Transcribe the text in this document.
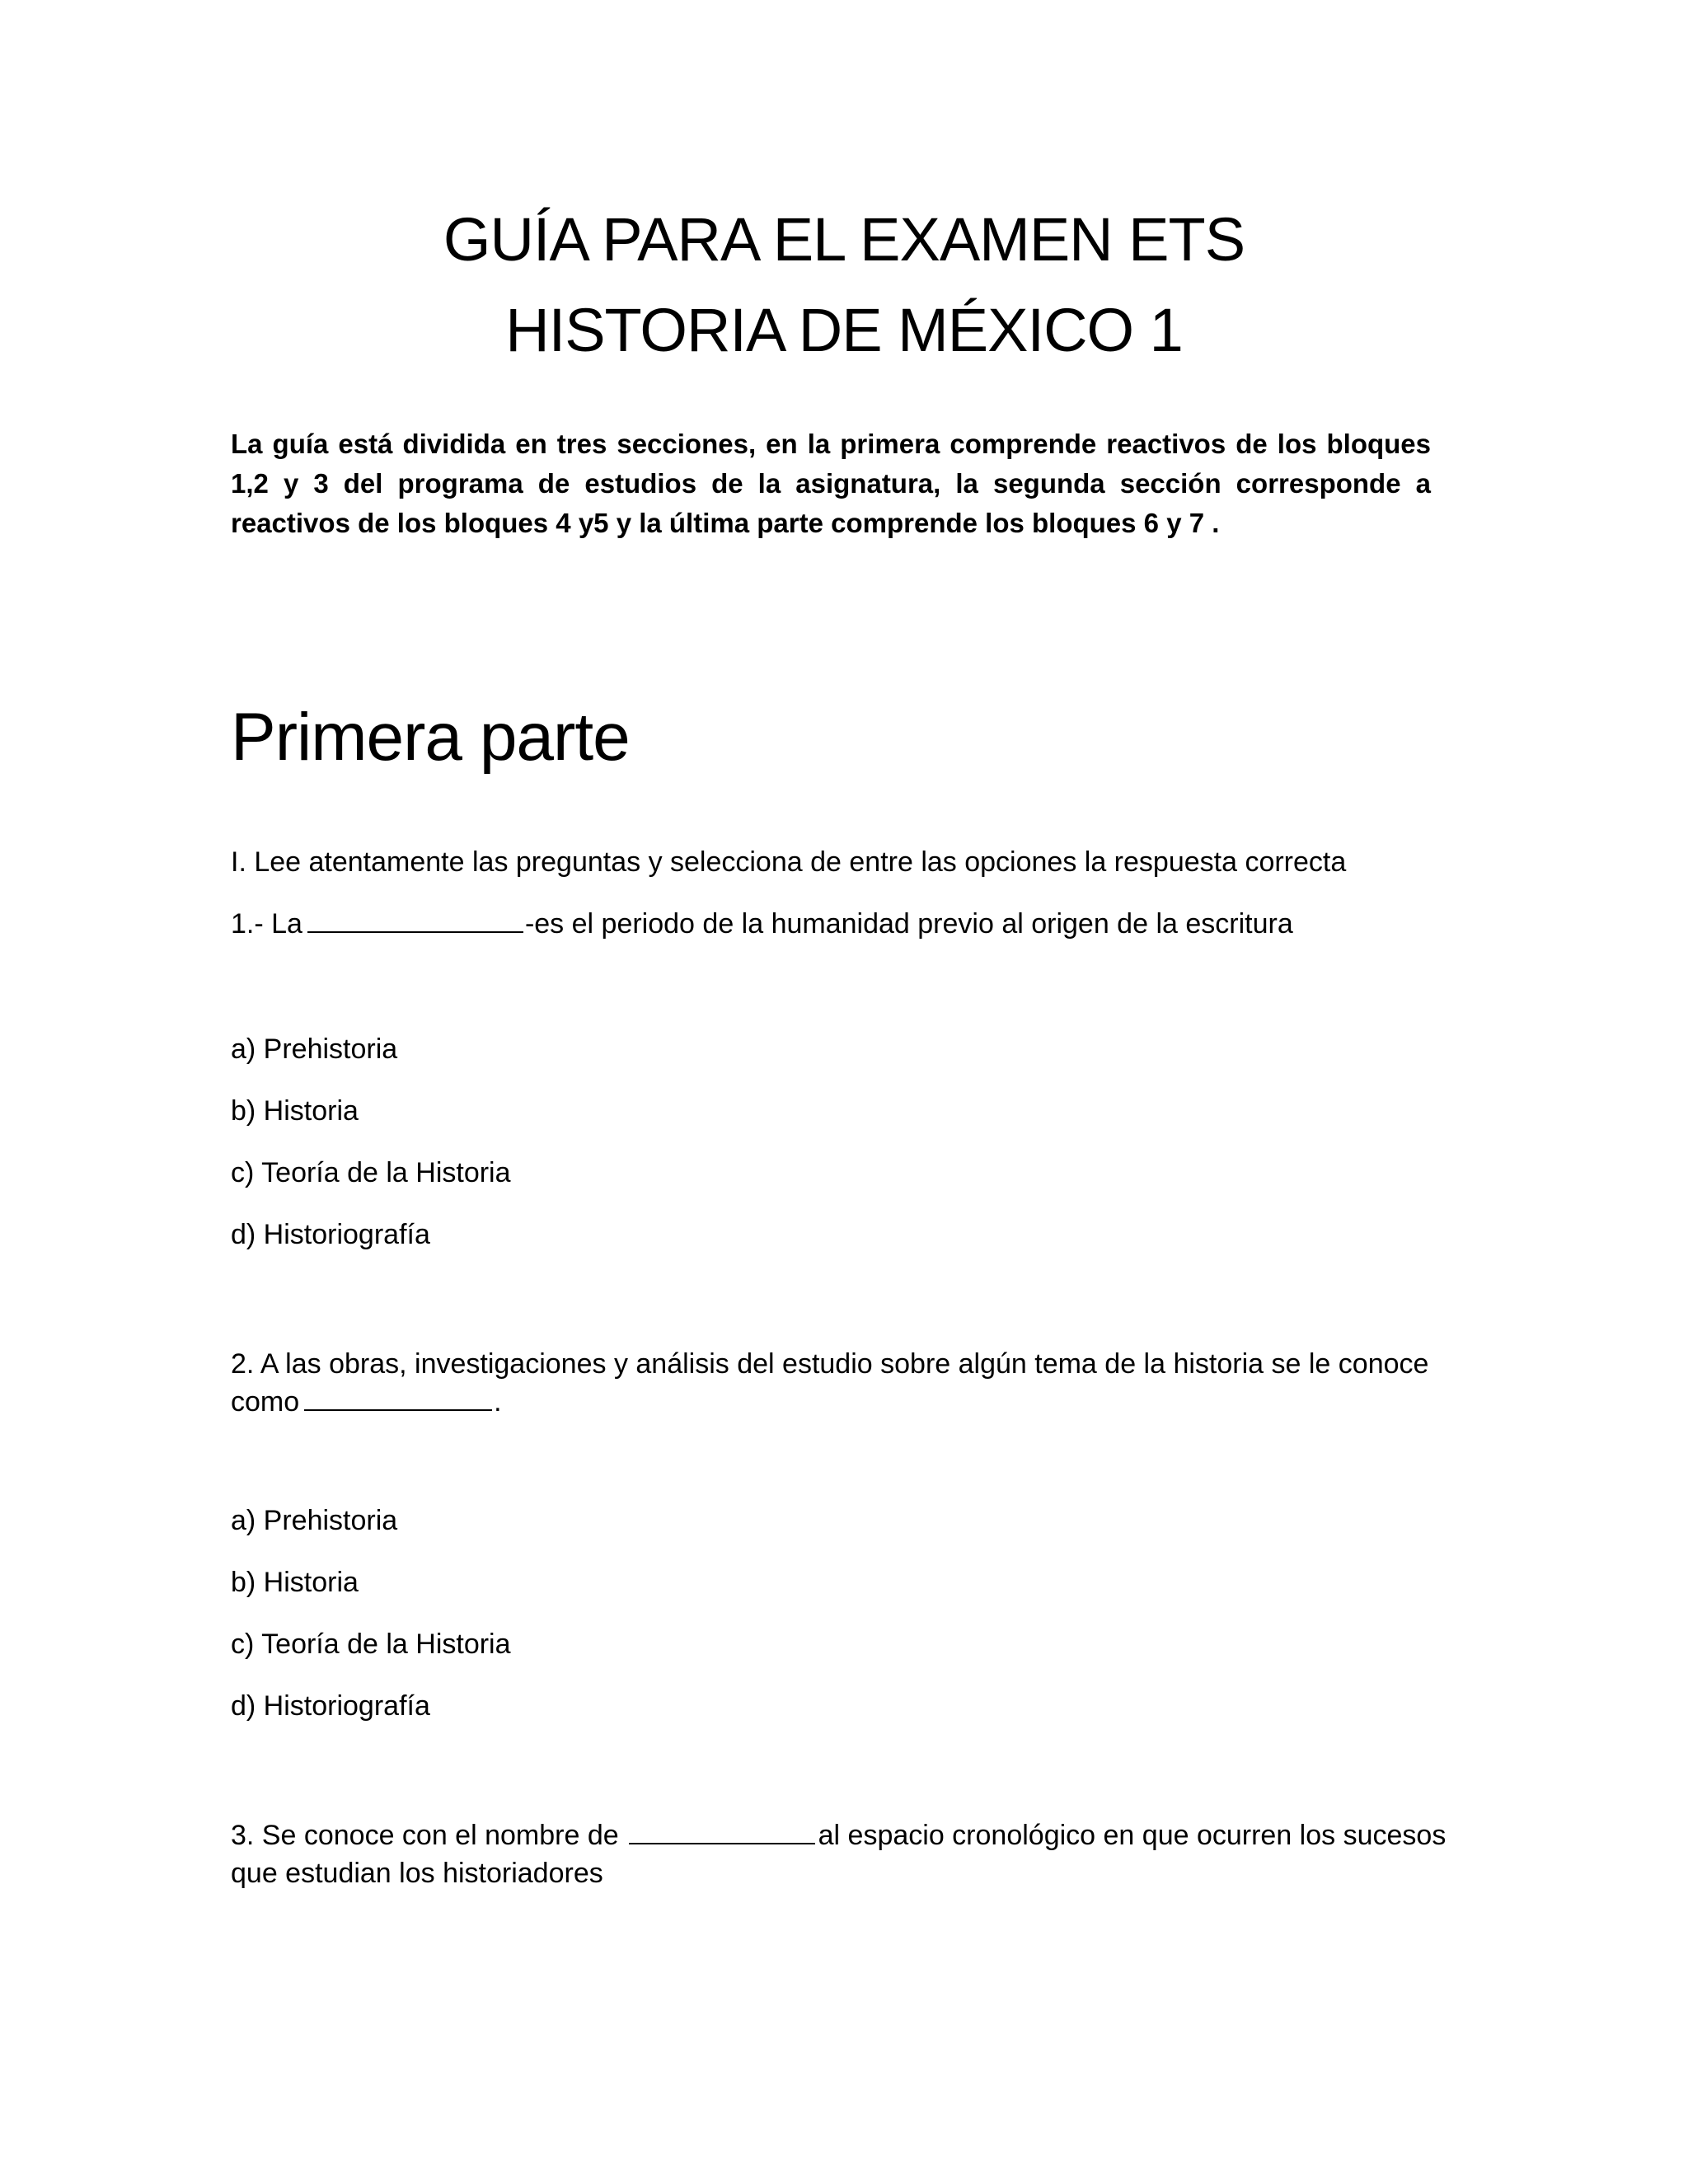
GUÍA PARA EL EXAMEN ETS
HISTORIA DE MÉXICO 1
La guía está dividida en tres secciones, en la primera comprende reactivos de los bloques 1,2 y 3 del programa de estudios de la asignatura, la segunda sección corresponde a reactivos de los bloques 4 y5 y la última parte comprende los bloques 6 y 7 .
Primera parte
I. Lee atentamente las preguntas y selecciona de entre las opciones la respuesta correcta
1.- La	-es el periodo de la humanidad previo al origen de la escritura
a) Prehistoria
b) Historia
c) Teoría de la Historia
d) Historiografía
2. A las obras, investigaciones y análisis del estudio sobre algún tema de la historia se le conoce como	.
a) Prehistoria
b) Historia
c) Teoría de la Historia
d) Historiografía
3. Se conoce con el nombre de	al espacio cronológico en que ocurren los sucesos que estudian los historiadores
